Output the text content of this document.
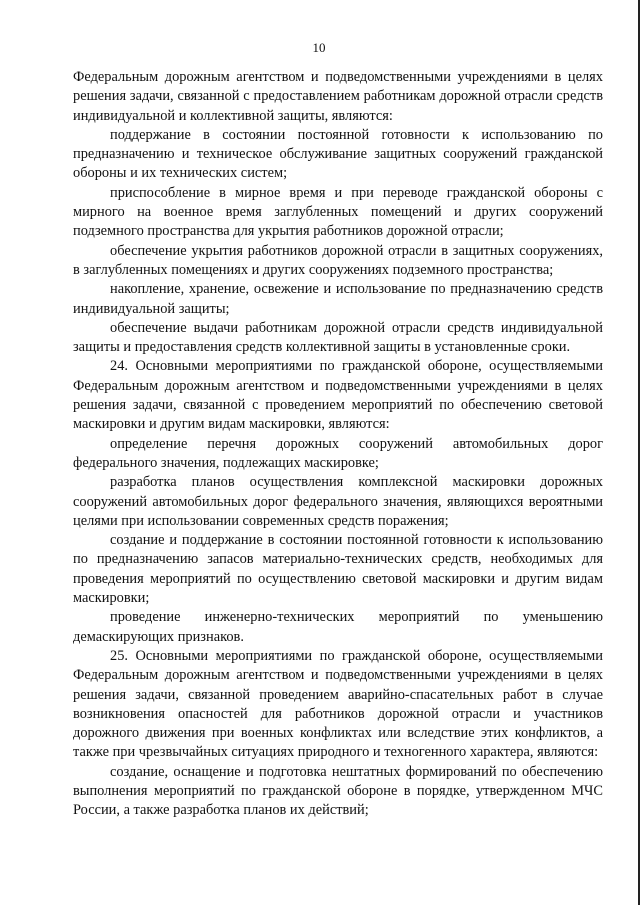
10

Федеральным дорожным агентством и подведомственными учреждениями в целях решения задачи, связанной с предоставлением работникам дорожной отрасли средств индивидуальной и коллективной защиты, являются:

поддержание в состоянии постоянной готовности к использованию по предназначению и техническое обслуживание защитных сооружений гражданской обороны и их технических систем;

приспособление в мирное время и при переводе гражданской обороны с мирного на военное время заглубленных помещений и других сооружений подземного пространства для укрытия работников дорожной отрасли;

обеспечение укрытия работников дорожной отрасли в защитных сооружениях, в заглубленных помещениях и других сооружениях подземного пространства;

накопление, хранение, освежение и использование по предназначению средств индивидуальной защиты;

обеспечение выдачи работникам дорожной отрасли средств индивидуальной защиты и предоставления средств коллективной защиты в установленные сроки.

24. Основными мероприятиями по гражданской обороне, осуществляемыми Федеральным дорожным агентством и подведомственными учреждениями в целях решения задачи, связанной с проведением мероприятий по обеспечению световой маскировки и другим видам маскировки, являются:

определение перечня дорожных сооружений автомобильных дорог федерального значения, подлежащих маскировке;

разработка планов осуществления комплексной маскировки дорожных сооружений автомобильных дорог федерального значения, являющихся вероятными целями при использовании современных средств поражения;

создание и поддержание в состоянии постоянной готовности к использованию по предназначению запасов материально-технических средств, необходимых для проведения мероприятий по осуществлению световой маскировки и другим видам маскировки;

проведение инженерно-технических мероприятий по уменьшению демаскирующих признаков.

25. Основными мероприятиями по гражданской обороне, осуществляемыми Федеральным дорожным агентством и подведомственными учреждениями в целях решения задачи, связанной проведением аварийно-спасательных работ в случае возникновения опасностей для работников дорожной отрасли и участников дорожного движения при военных конфликтах или вследствие этих конфликтов, а также при чрезвычайных ситуациях природного и техногенного характера, являются:

создание, оснащение и подготовка нештатных формирований по обеспечению выполнения мероприятий по гражданской обороне в порядке, утвержденном МЧС России, а также разработка планов их действий;
